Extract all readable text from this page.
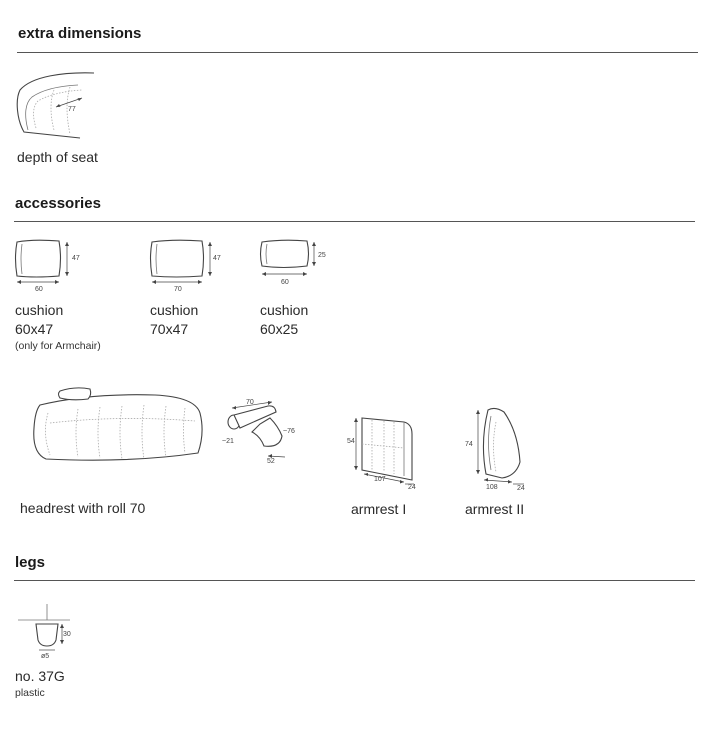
extra dimensions
77
depth of seat
accessories
47
60
cushion
60x47
(only for Armchair)
47
70
cushion
70x47
25
60
cushion
60x25
headrest with roll 70
70
~21
~76
52
54
107
24
armrest I
74
108	24
armrest II
legs
30
ø5
no. 37G
plastic
